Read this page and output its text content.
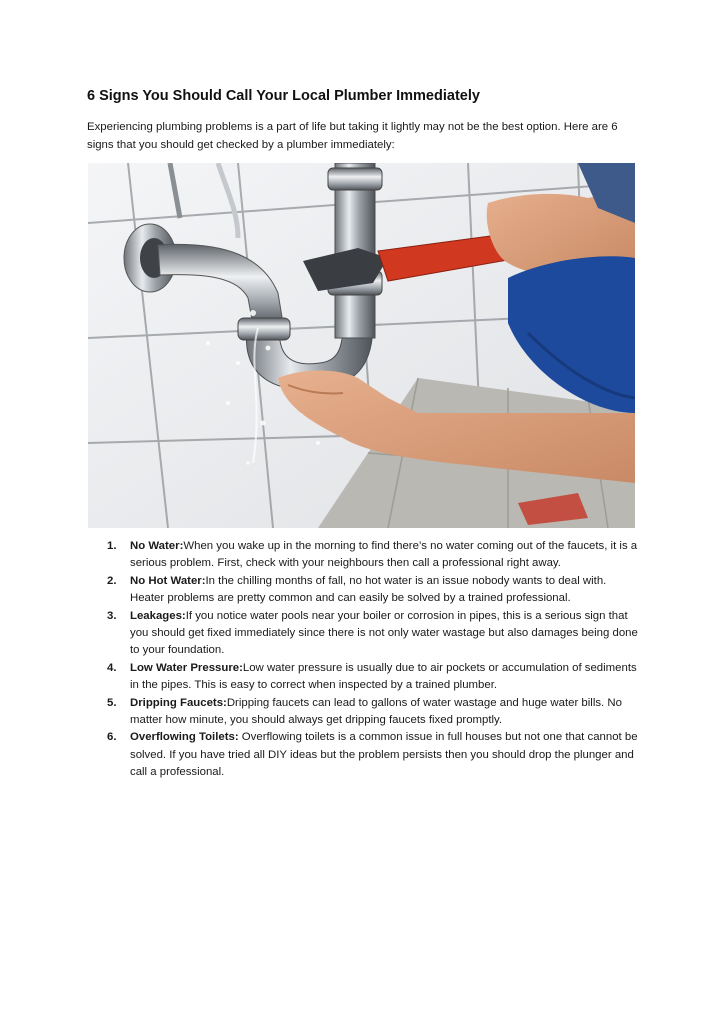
6 Signs You Should Call Your Local Plumber Immediately

Experiencing plumbing problems is a part of life but taking it lightly may not be the best option. Here are 6 signs that you should get checked by a plumber immediately:

1. No Water:When you wake up in the morning to find there’s no water coming out of the faucets, it is a serious problem. First, check with your neighbours then call a professional right away.
2. No Hot Water:In the chilling months of fall, no hot water is an issue nobody wants to deal with. Heater problems are pretty common and can easily be solved by a trained professional.
3. Leakages:If you notice water pools near your boiler or corrosion in pipes, this is a serious sign that you should get fixed immediately since there is not only water wastage but also damages being done to your foundation.
4. Low Water Pressure:Low water pressure is usually due to air pockets or accumulation of sediments in the pipes. This is easy to correct when inspected by a trained plumber.
5. Dripping Faucets:Dripping faucets can lead to gallons of water wastage and huge water bills. No matter how minute, you should always get dripping faucets fixed promptly.
6. Overflowing Toilets: Overflowing toilets is a common issue in full houses but not one that cannot be solved. If you have tried all DIY ideas but the problem persists then you should drop the plunger and call a professional.
